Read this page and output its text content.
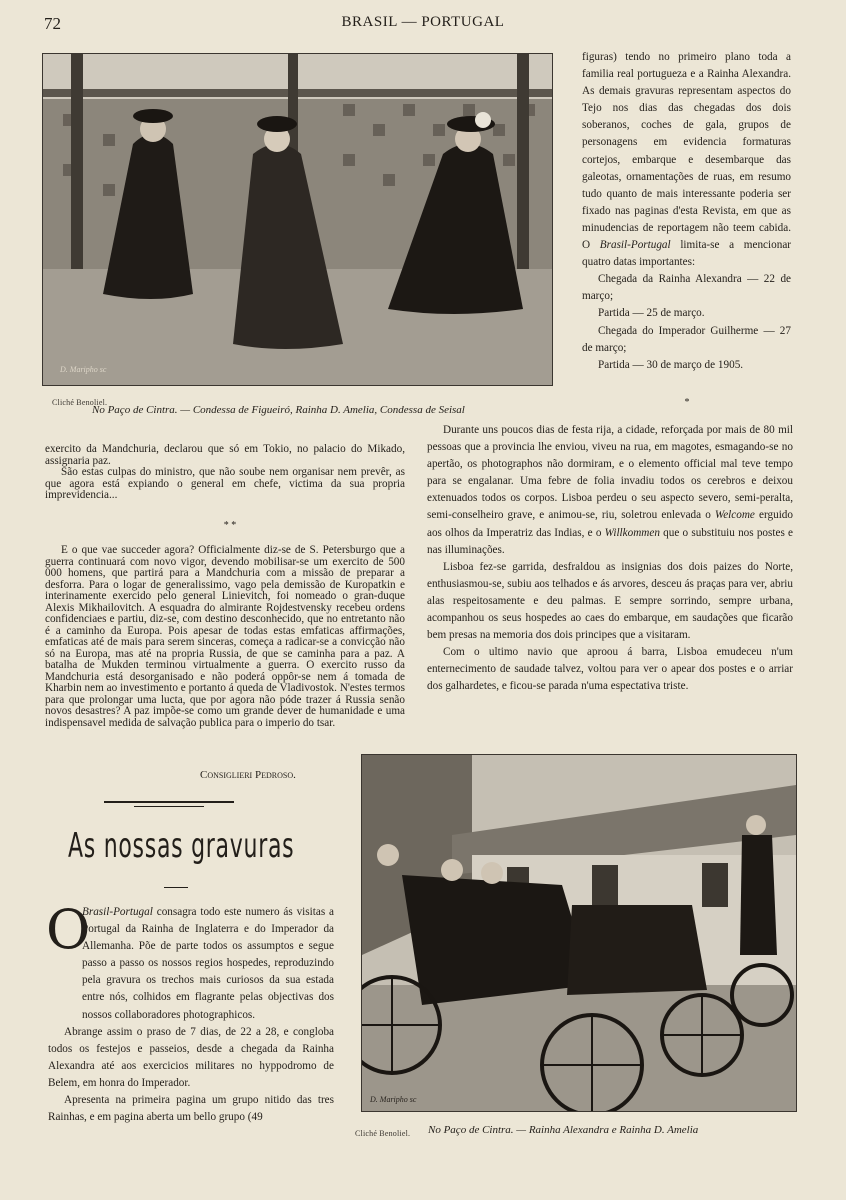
72	BRASIL — PORTUGAL
D. Maripho sc
Cliché Benoliel.
No Paço de Cintra. — Condessa de Figueiró, Rainha D. Amelia, Condessa de Seisal

figuras) tendo no primeiro plano toda a familia real portugueza e a Rainha Alexandra. As demais gravuras representam aspectos do Tejo nos dias das chegadas dos dois soberanos, coches de gala, grupos de personagens em evidencia formaturas cortejos, embarque e desembarque das galeotas, ornamentações de ruas, em resumo tudo quanto de mais interessante poderia ser fixado nas paginas d'esta Revista, em que as minudencias de reportagem não teem cabida. O Brasil-Portugal limita-se a mencionar quatro datas importantes:

Chegada da Rainha Alexandra — 22 de março;

Partida — 25 de março.

Chegada do Imperador Guilherme — 27 de março;

Partida — 30 de março de 1905.

*

Durante uns poucos dias de festa rija, a cidade, reforçada por mais de 80 mil pessoas que a provincia lhe enviou, viveu na rua, em magotes, esmagando-se no apertão, os photographos não dormiram, e o elemento official mal teve tempo para se engalanar. Uma febre de folia invadiu todos os cerebros e deixou extenuados todos os corpos. Lisboa perdeu o seu aspecto severo, semi-peralta, semi-conselheiro grave, e animou-se, riu, soletrou enlevada o Welcome erguido aos olhos da Imperatriz das Indias, e o Willkommen que o substituiu nos postes e nas illuminações.

Lisboa fez-se garrida, desfraldou as insignias dos dois paizes do Norte, enthusiasmou-se, subiu aos telhados e ás arvores, desceu ás praças para ver, abriu alas respeitosamente e deu palmas. E sempre sorrindo, sempre urbana, acompanhou os seus hospedes ao caes do embarque, em saudações que ficarão bem presas na memoria dos dois principes que a visitaram.

Com o ultimo navio que aproou á barra, Lisboa emudeceu n'um enternecimento de saudade talvez, voltou para ver o apear dos postes e o arriar dos galhardetes, e ficou-se parada n'uma espectativa triste.

exercito da Mandchuria, declarou que só em Tokio, no palacio do Mikado, assignaria paz.

São estas culpas do ministro, que não soube nem organisar nem prevêr, as que agora está expiando o general em chefe, victima da sua propria imprevidencia...

* *

E o que vae succeder agora? Officialmente diz-se de S. Petersburgo que a guerra continuará com novo vigor, devendo mobilisar-se um exercito de 500 000 homens, que partirá para a Mandchuria com a missão de preparar a desforra. Para o logar de generalissimo, vago pela demissão de Kuropatkin e interinamente exercido pelo general Linievitch, foi nomeado o gran-duque Alexis Mikhailovitch. A esquadra do almirante Rojdestvensky recebeu ordens confidenciaes e partiu, diz-se, com destino desconhecido, que no entretanto não é a caminho da Europa. Pois apesar de todas estas emfaticas affirmações, emfaticas até de mais para serem sinceras, começa a radicar-se a convicção não só na Europa, mas até na propria Russia, de que se caminha para a paz. A batalha de Mukden terminou virtualmente a guerra. O exercito russo da Mandchuria está desorganisado e não poderá oppôr-se nem á tomada de Kharbin nem ao investimento e portanto á queda de Vladivostok. N'estes termos para que prolongar uma lucta, que por agora não póde trazer á Russia senão novos desastres? A paz impõe-se como um grande dever de humanidade e uma indispensavel medida de salvação publica para o imperio do tsar.

Consiglieri Pedroso.
As nossas gravuras
O

Brasil-Portugal consagra todo este numero ás visitas a Portugal da Rainha de Inglaterra e do Imperador da Allemanha. Põe de parte todos os assumptos e segue passo a passo os nossos regios hospedes, reproduzindo pela gravura os trechos mais curiosos da sua estada entre nós, colhidos em flagrante pelas objectivas dos nossos collaboradores photographicos.

Abrange assim o praso de 7 dias, de 22 a 28, e congloba todos os festejos e passeios, desde a chegada da Rainha Alexandra até aos exercicios militares no hyppodromo de Belem, em honra do Imperador.

Apresenta na primeira pagina um grupo nitido das tres Rainhas, e em pagina aberta um bello grupo (49

D. Maripho sc
Cliché Benoliel. No Paço de Cintra. — Rainha Alexandra e Rainha D. Amelia
